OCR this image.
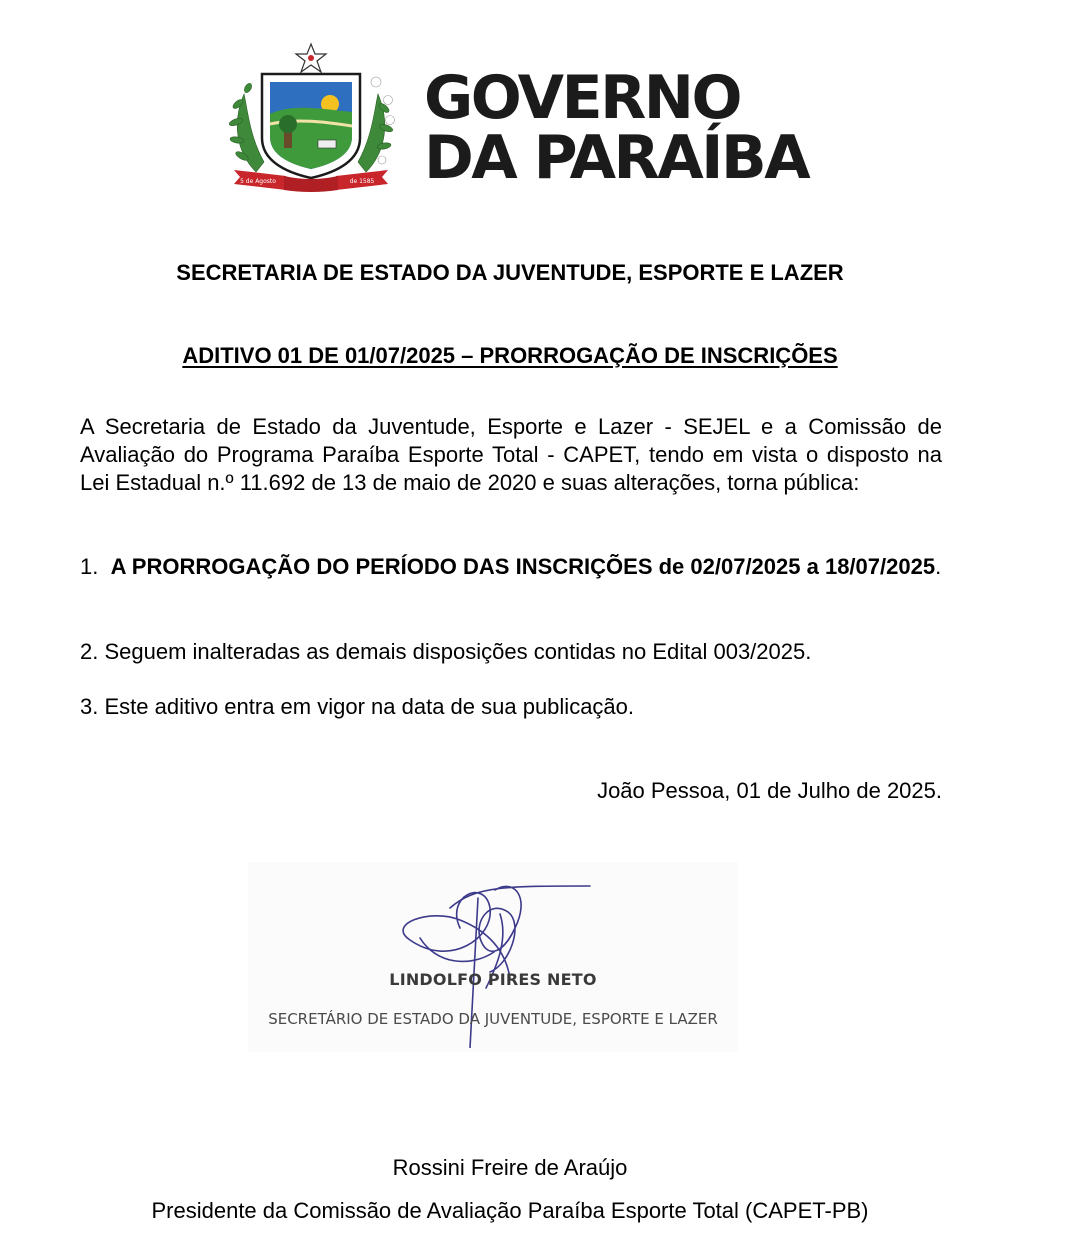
5 de Agosto	de 1585
GOVERNO
DA PARAÍBA
SECRETARIA DE ESTADO DA JUVENTUDE, ESPORTE E LAZER
ADITIVO 01 DE 01/07/2025 – PRORROGAÇÃO DE INSCRIÇÕES
A Secretaria de Estado da Juventude, Esporte e Lazer - SEJEL e a Comissão de Avaliação do Programa Paraíba Esporte Total - CAPET, tendo em vista o disposto na Lei Estadual n.º 11.692 de 13 de maio de 2020 e suas alterações, torna pública:
1. A PRORROGAÇÃO DO PERÍODO DAS INSCRIÇÕES de 02/07/2025 a 18/07/2025.
2. Seguem inalteradas as demais disposições contidas no Edital 003/2025.
3. Este aditivo entra em vigor na data de sua publicação.
João Pessoa, 01 de Julho de 2025.
LINDOLFO PIRES NETO
SECRETÁRIO DE ESTADO DA JUVENTUDE, ESPORTE E LAZER
Rossini Freire de Araújo
Presidente da Comissão de Avaliação Paraíba Esporte Total (CAPET-PB)
